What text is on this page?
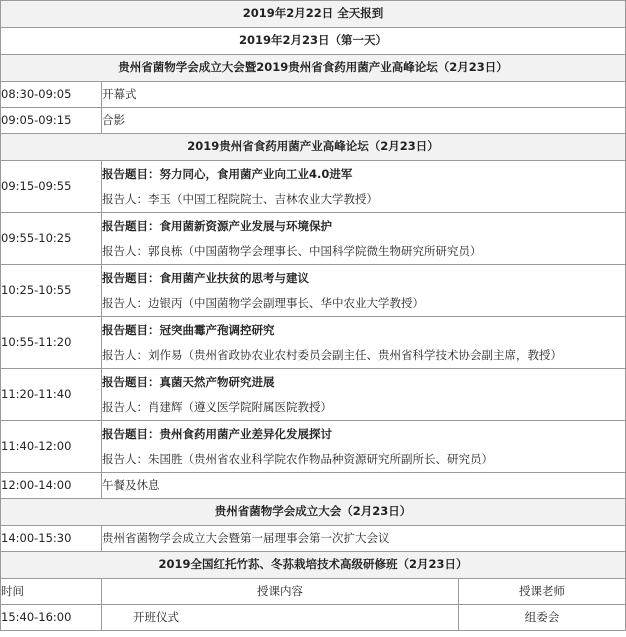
2019年2月22日 全天报到		
2019年2月23日（第一天）		
贵州省菌物学会成立大会暨2019贵州省食药用菌产业高峰论坛（2月23日）		
08:30-09:05	开幕式	
09:05-09:15	合影	
2019贵州省食药用菌产业高峰论坛（2月23日）		
09:15-09:55	报告题目：努力同心，食用菌产业向工业4.0进军
报告人：李玉（中国工程院院士、吉林农业大学教授）	

09:55-10:25	报告题目：食用菌新资源产业发展与环境保护
报告人：郭良栋（中国菌物学会理事长、中国科学院微生物研究所研究员）	

10:25-10:55	报告题目：食用菌产业扶贫的思考与建议
报告人：边银丙（中国菌物学会副理事长、华中农业大学教授）	

10:55-11:20	报告题目：冠突曲霉产孢调控研究
报告人：刘作易（贵州省政协农业农村委员会副主任、贵州省科学技术协会副主席，教授）	

11:20-11:40	报告题目：真菌天然产物研究进展
报告人：肖建辉（遵义医学院附属医院教授）	

11:40-12:00	报告题目：贵州食药用菌产业差异化发展探讨
报告人：朱国胜（贵州省农业科学院农作物品种资源研究所副所长、研究员）	

12:00-14:00	午餐及休息	
贵州省菌物学会成立大会（2月23日）		
14:00-15:30	贵州省菌物学会成立大会暨第一届理事会第一次扩大会议	
2019全国红托竹荪、冬荪栽培技术高级研修班（2月23日）		
时间	授课内容	授课老师
15:40-16:00	开班仪式	组委会
